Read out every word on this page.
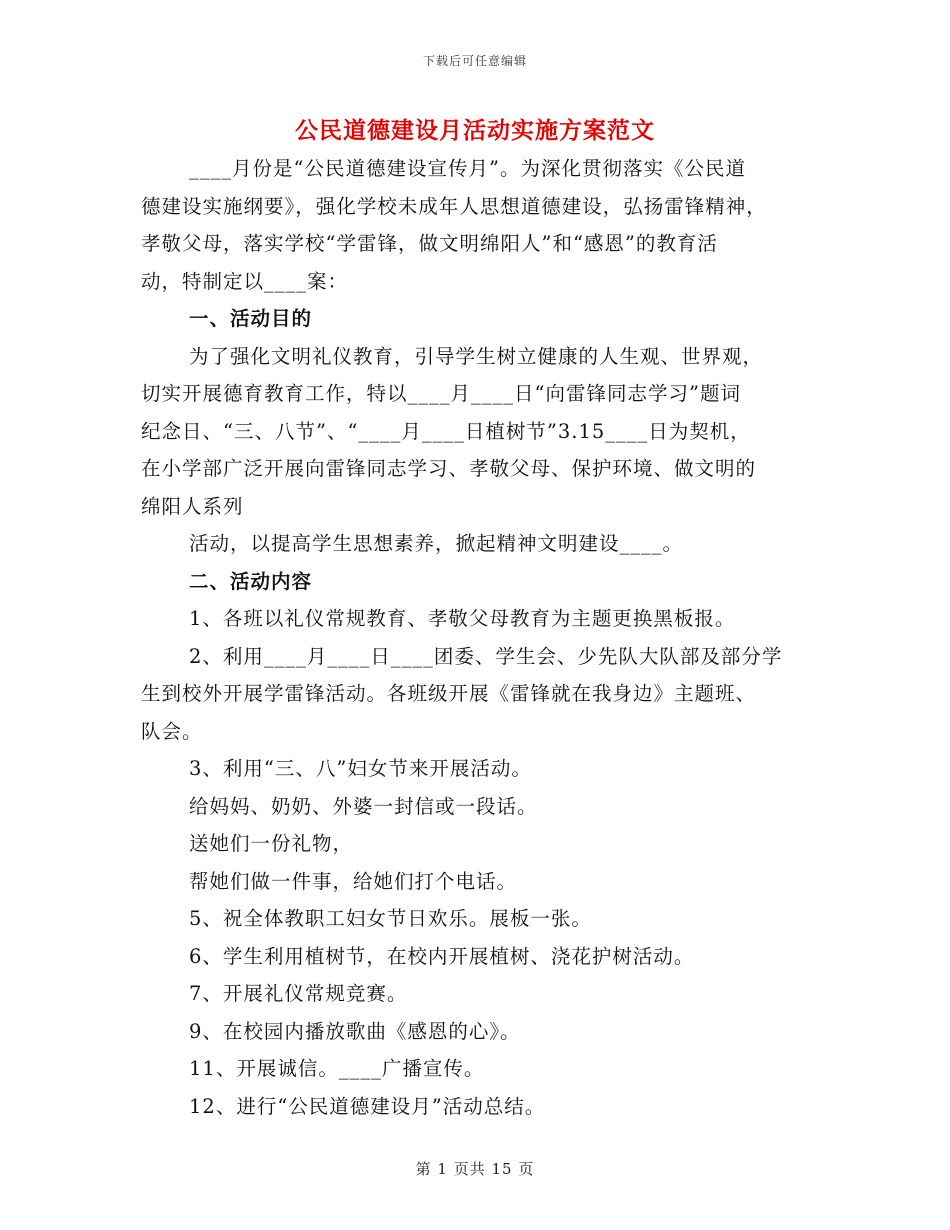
下载后可任意编辑
公民道德建设月活动实施方案范文
____月份是“公民道德建设宣传月”。为深化贯彻落实《公民道
德建设实施纲要》，强化学校未成年人思想道德建设，弘扬雷锋精神，
孝敬父母，落实学校“学雷锋，做文明绵阳人”和“感恩”的教育活
动，特制定以____案：
一、活动目的
为了强化文明礼仪教育，引导学生树立健康的人生观、世界观，
切实开展德育教育工作，特以____月____日“向雷锋同志学习”题词
纪念日、“三、八节”、“____月____日植树节”3.15____日为契机，
在小学部广泛开展向雷锋同志学习、孝敬父母、保护环境、做文明的
绵阳人系列
活动，以提高学生思想素养，掀起精神文明建设____。
二、活动内容
1、各班以礼仪常规教育、孝敬父母教育为主题更换黑板报。
2、利用____月____日____团委、学生会、少先队大队部及部分学
生到校外开展学雷锋活动。各班级开展《雷锋就在我身边》主题班、
队会。
3、利用“三、八”妇女节来开展活动。
给妈妈、奶奶、外婆一封信或一段话。
送她们一份礼物，
帮她们做一件事，给她们打个电话。
5、祝全体教职工妇女节日欢乐。展板一张。
6、学生利用植树节，在校内开展植树、浇花护树活动。
7、开展礼仪常规竞赛。
9、在校园内播放歌曲《感恩的心》。
11、开展诚信。____广播宣传。
12、进行“公民道德建设月”活动总结。
第 1 页共 15 页
